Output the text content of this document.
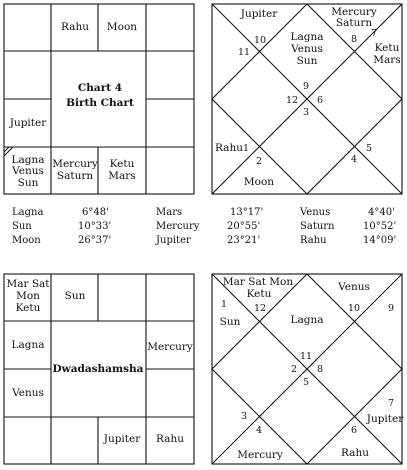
Rahu Moon
Jupiter
Lagna
Venus
Sun
Mercury
Saturn
Ketu
Mars
Chart 4
Birth Chart
Jupiter	Mercury
Saturn
Ketu
Mars
Lagna
Venus
Sun
Rahu
Moon
10
11
8
7
9
12 6
3
1
2	4
5
Mar Sat
Mon
Ketu
Sun
Lagna
Venus
Mercury
Jupiter Rahu
Dwadashamsha
Mar Sat Mon
Ketu
Sun
Venus
Lagna
Jupiter
Mercury	Rahu
1	12	10	9
11
2 8
5
3
4	6
7
Lagna	6°48'	Mars	13°17'	Venus	4°40'
Sun	10°33'	Mercury	20°55'	Saturn	10°52'
Moon	26°37'	Jupiter	23°21'	Rahu	14°09'
